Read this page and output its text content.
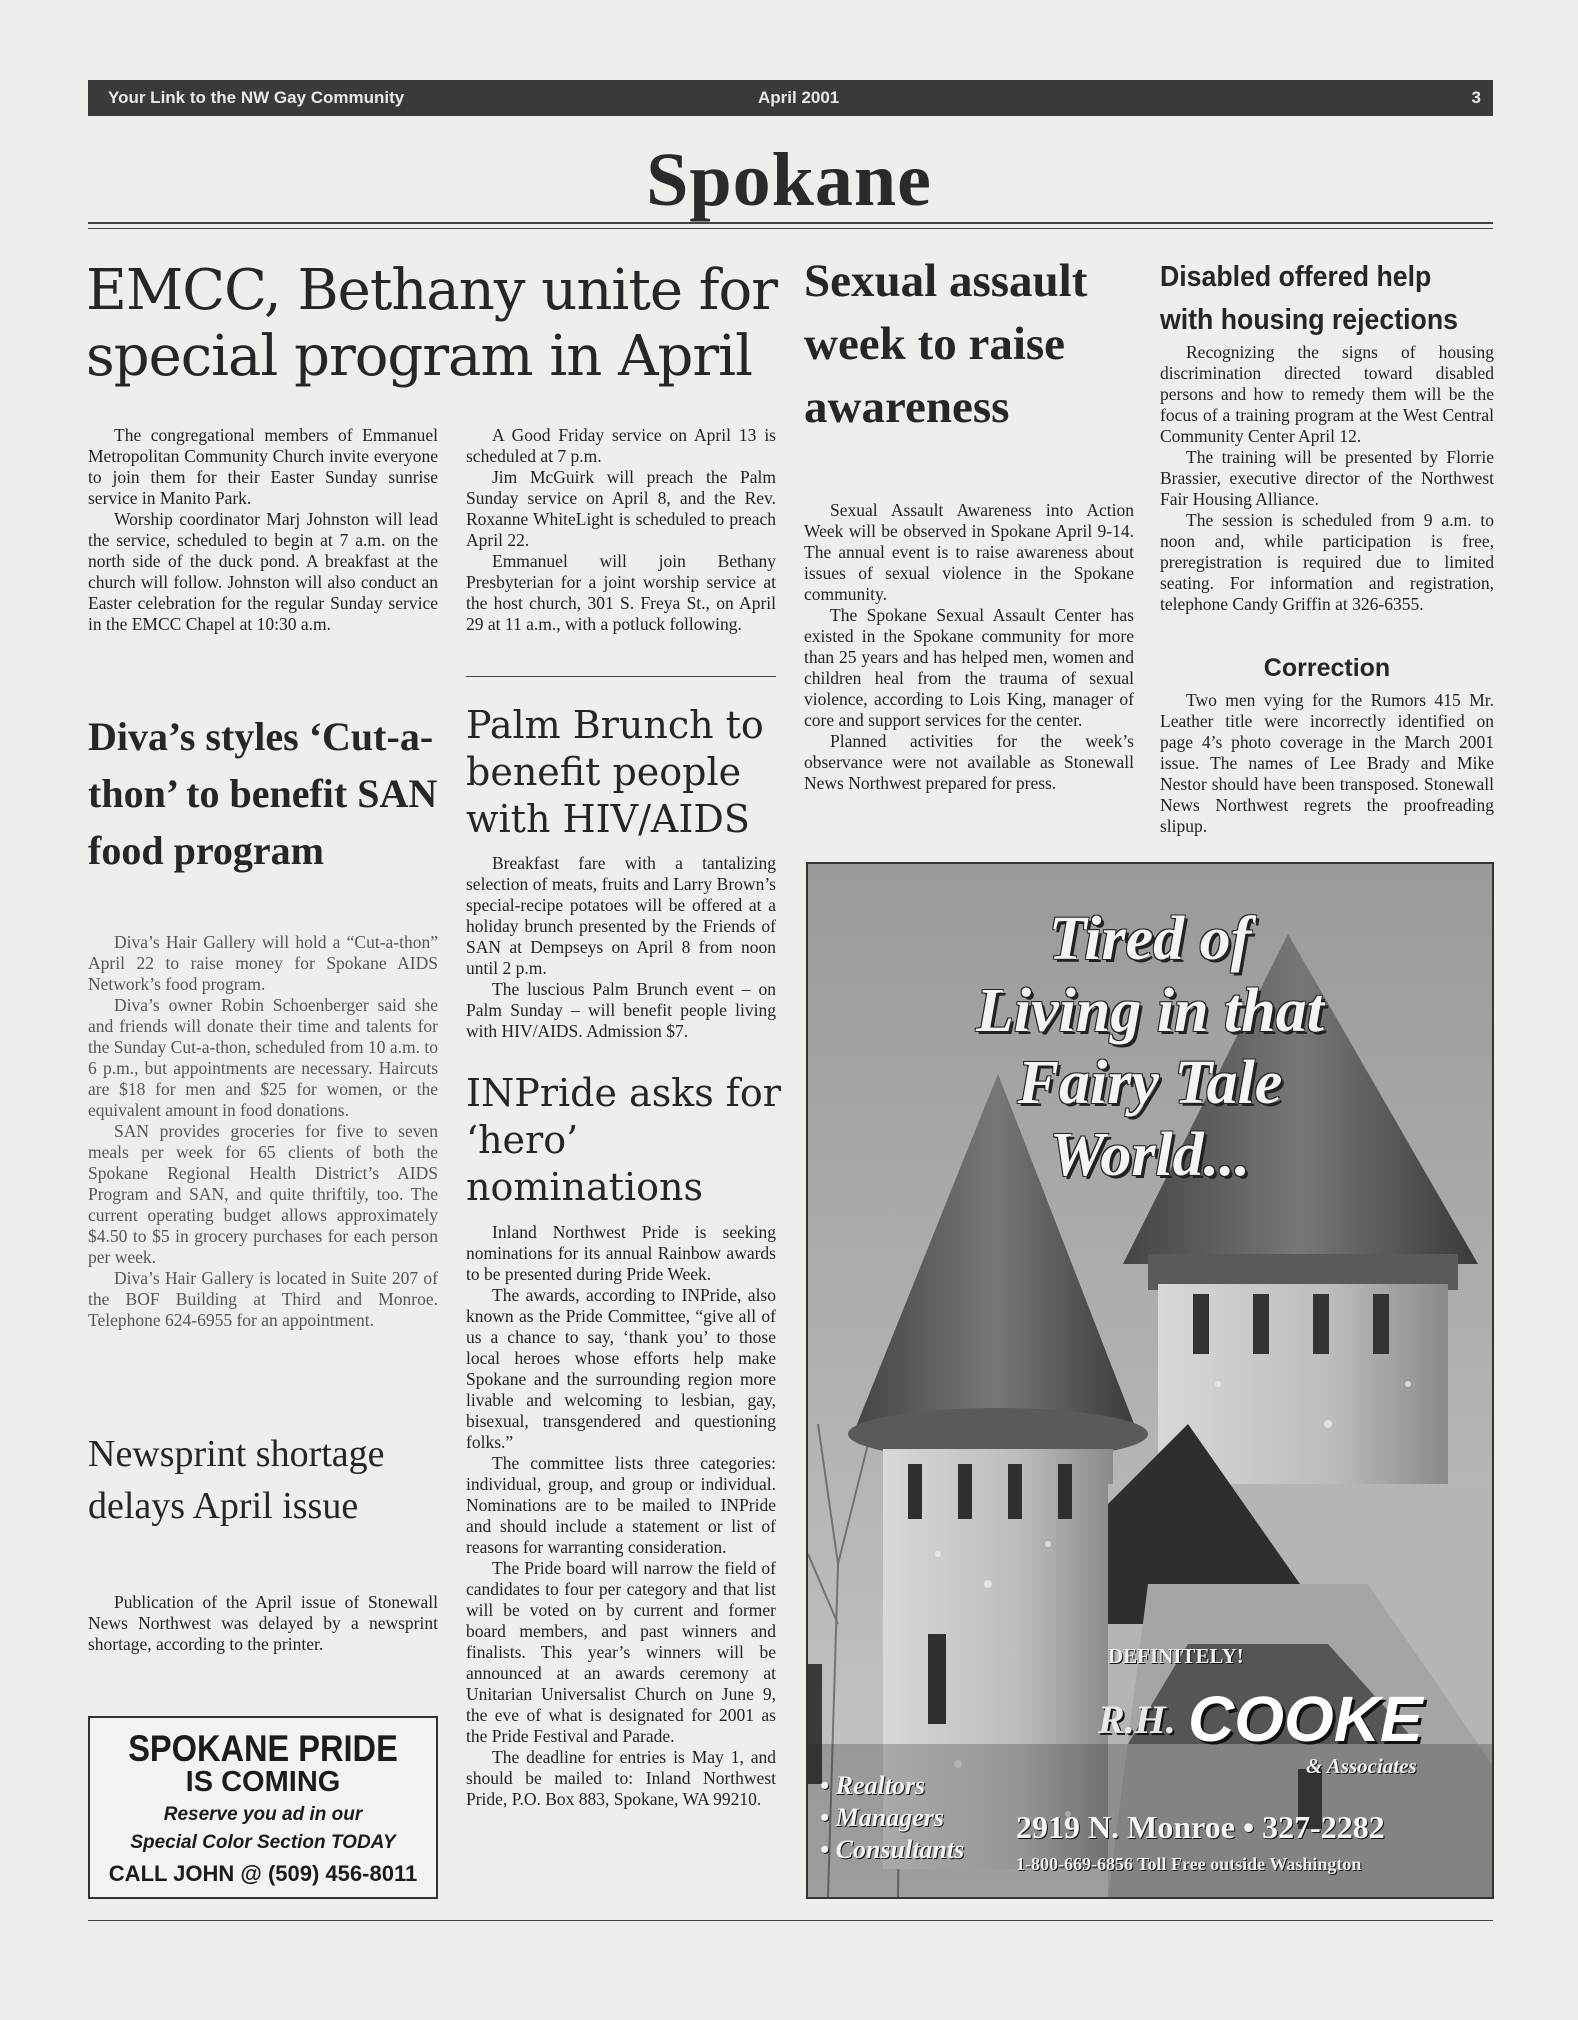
Your Link to the NW Gay Community	April 2001	3
Spokane
EMCC, Bethany unite for special program in April

The congregational members of Emmanuel Metropolitan Community Church invite everyone to join them for their Easter Sunday sunrise service in Manito Park.

Worship coordinator Marj Johnston will lead the service, scheduled to begin at 7 a.m. on the north side of the duck pond. A breakfast at the church will follow. Johnston will also conduct an Easter celebration for the regular Sunday service in the EMCC Chapel at 10:30 a.m.

A Good Friday service on April 13 is scheduled at 7 p.m.

Jim McGuirk will preach the Palm Sunday service on April 8, and the Rev. Roxanne WhiteLight is scheduled to preach April 22.

Emmanuel will join Bethany Presbyterian for a joint worship service at the host church, 301 S. Freya St., on April 29 at 11 a.m., with a potluck following.

Diva’s styles ‘Cut-a-thon’ to benefit SAN food program

Diva’s Hair Gallery will hold a “Cut-a-thon” April 22 to raise money for Spokane AIDS Network’s food program.

Diva’s owner Robin Schoenberger said she and friends will donate their time and talents for the Sunday Cut-a-thon, scheduled from 10 a.m. to 6 p.m., but appointments are necessary. Haircuts are $18 for men and $25 for women, or the equivalent amount in food donations.

SAN provides groceries for five to seven meals per week for 65 clients of both the Spokane Regional Health District’s AIDS Program and SAN, and quite thriftily, too. The current operating budget allows approximately $4.50 to $5 in grocery purchases for each person per week.

Diva’s Hair Gallery is located in Suite 207 of the BOF Building at Third and Monroe. Telephone 624-6955 for an appointment.

Newsprint shortage delays April issue

Publication of the April issue of Stonewall News Northwest was delayed by a newsprint shortage, according to the printer.

SPOKANE PRIDE
IS COMING
Reserve you ad in our
Special Color Section TODAY
CALL JOHN @ (509) 456-8011
Palm Brunch to benefit people with HIV/AIDS

Breakfast fare with a tantalizing selection of meats, fruits and Larry Brown’s special-recipe potatoes will be offered at a holiday brunch presented by the Friends of SAN at Dempseys on April 8 from noon until 2 p.m.

The luscious Palm Brunch event – on Palm Sunday – will benefit people living with HIV/AIDS. Admission $7.

INPride asks for ‘hero’ nominations

Inland Northwest Pride is seeking nominations for its annual Rainbow awards to be presented during Pride Week.

The awards, according to INPride, also known as the Pride Committee, “give all of us a chance to say, ‘thank you’ to those local heroes whose efforts help make Spokane and the surrounding region more livable and welcoming to lesbian, gay, bisexual, transgendered and questioning folks.”

The committee lists three categories: individual, group, and group or individual. Nominations are to be mailed to INPride and should include a statement or list of reasons for warranting consideration.

The Pride board will narrow the field of candidates to four per category and that list will be voted on by current and former board members, and past winners and finalists. This year’s winners will be announced at an awards ceremony at Unitarian Universalist Church on June 9, the eve of what is designated for 2001 as the Pride Festival and Parade.

The deadline for entries is May 1, and should be mailed to: Inland Northwest Pride, P.O. Box 883, Spokane, WA 99210.

Sexual assault week to raise awareness

Sexual Assault Awareness into Action Week will be observed in Spokane April 9-14. The annual event is to raise awareness about issues of sexual violence in the Spokane community.

The Spokane Sexual Assault Center has existed in the Spokane community for more than 25 years and has helped men, women and children heal from the trauma of sexual violence, according to Lois King, manager of core and support services for the center.

Planned activities for the week’s observance were not available as Stonewall News Northwest prepared for press.

Disabled offered help with housing rejections

Recognizing the signs of housing discrimination directed toward disabled persons and how to remedy them will be the focus of a training program at the West Central Community Center April 12.

The training will be presented by Florrie Brassier, executive director of the Northwest Fair Housing Alliance.

The session is scheduled from 9 a.m. to noon and, while participation is free, preregistration is required due to limited seating. For information and registration, telephone Candy Griffin at 326-6355.

Correction

Two men vying for the Rumors 415 Mr. Leather title were incorrectly identified on page 4’s photo coverage in the March 2001 issue. The names of Lee Brady and Mike Nestor should have been transposed. Stonewall News Northwest regrets the proofreading slipup.

Tired of
Living in that
Fairy Tale
World...
DEFINITELY!
R.H. COOKE
& Associates
• Realtors
• Managers
• Consultants
2919 N. Monroe • 327-2282
1-800-669-6856 Toll Free outside Washington
